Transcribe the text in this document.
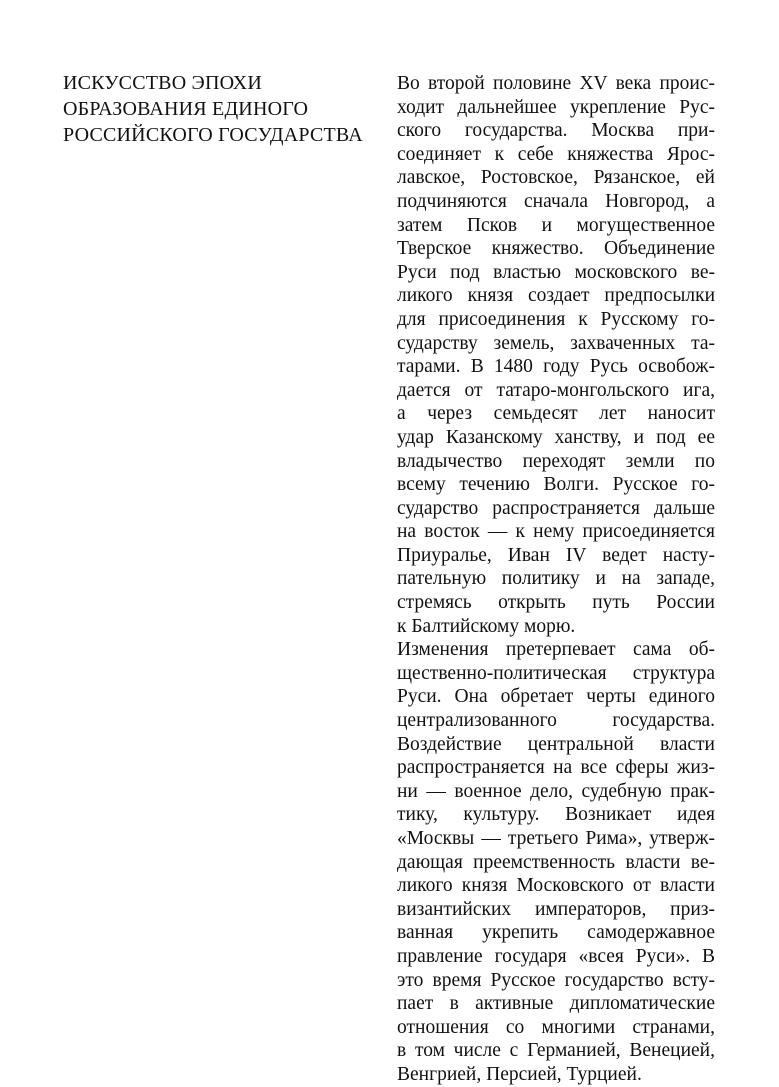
ИСКУССТВО ЭПОХИ
ОБРАЗОВАНИЯ ЕДИНОГО
РОССИЙСКОГО ГОСУДАРСТВА
Во второй половине XV века проис-
ходит дальнейшее укрепление Рус-
ского государства. Москва при-
соединяет к себе княжества Ярос-
лавское, Ростовское, Рязанское, ей
подчиняются сначала Новгород, а
затем Псков и могущественное
Тверское княжество. Объединение
Руси под властью московского ве-
ликого князя создает предпосылки
для присоединения к Русскому го-
сударству земель, захваченных та-
тарами. В 1480 году Русь освобож-
дается от татаро-монгольского ига,
а через семьдесят лет наносит
удар Казанскому ханству, и под ее
владычество переходят земли по
всему течению Волги. Русское го-
сударство распространяется дальше
на восток — к нему присоединяется
Приуралье, Иван IV ведет насту-
пательную политику и на западе,
стремясь открыть путь России
к Балтийскому морю.
Изменения претерпевает сама об-
щественно-политическая структура
Руси. Она обретает черты единого
централизованного государства.
Воздействие центральной власти
распространяется на все сферы жиз-
ни — военное дело, судебную прак-
тику, культуру. Возникает идея
«Москвы — третьего Рима», утверж-
дающая преемственность власти ве-
ликого князя Московского от власти
византийских императоров, приз-
ванная укрепить самодержавное
правление государя «всея Руси». В
это время Русское государство всту-
пает в активные дипломатические
отношения со многими странами,
в том числе с Германией, Венецией,
Венгрией, Персией, Турцией.
